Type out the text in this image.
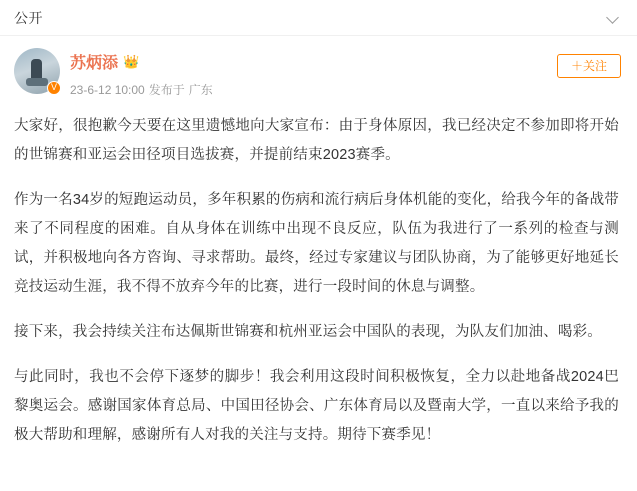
公开
V
苏炳添 👑
23-6-12 10:00 发布于 广东
＋关注

大家好，很抱歉今天要在这里遗憾地向大家宣布：由于身体原因，我已经决定不参加即将开始的世锦赛和亚运会田径项目选拔赛，并提前结束2023赛季。

作为一名34岁的短跑运动员，多年积累的伤病和流行病后身体机能的变化，给我今年的备战带来了不同程度的困难。自从身体在训练中出现不良反应，队伍为我进行了一系列的检查与测试，并积极地向各方咨询、寻求帮助。最终，经过专家建议与团队协商，为了能够更好地延长竞技运动生涯，我不得不放弃今年的比赛，进行一段时间的休息与调整。

接下来，我会持续关注布达佩斯世锦赛和杭州亚运会中国队的表现，为队友们加油、喝彩。

与此同时，我也不会停下逐梦的脚步！我会利用这段时间积极恢复，全力以赴地备战2024巴黎奥运会。感谢国家体育总局、中国田径协会、广东体育局以及暨南大学，一直以来给予我的极大帮助和理解，感谢所有人对我的关注与支持。期待下赛季见！
